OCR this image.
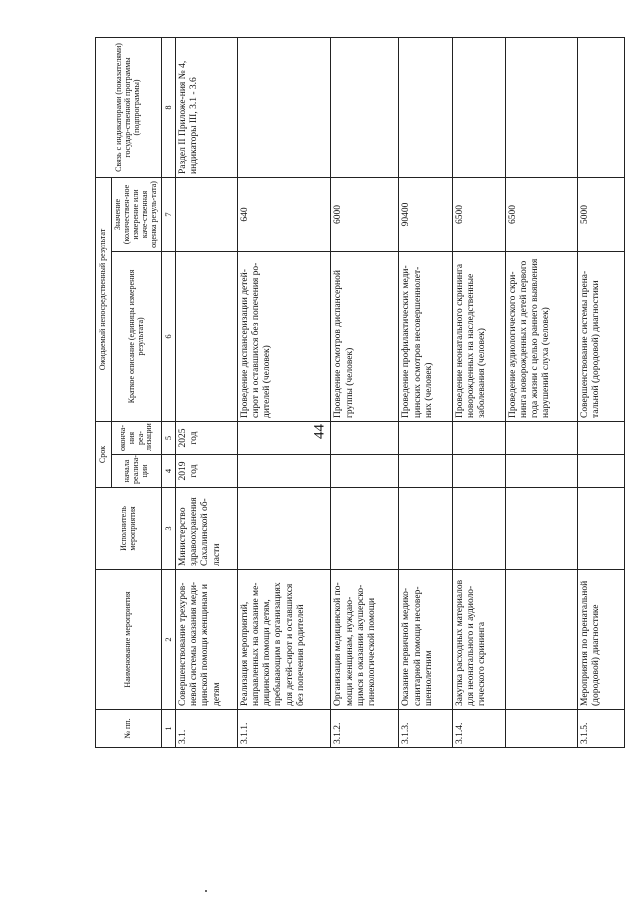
44
№ пп.	Наименование мероприятия	Исполнитель мероприятия	Срок		Ожидаемый непосредственный результат		Связь с индикаторами (показателями) государ-ственной программы (подпрограммы)
			начала реализа-ции	оконча-ния реа-лизации	Краткое описание (единицы измерения результата)	Значение (количествен-ное измерение или каче-ственная оценка резуль-тата)	

1	2	3	4	5	6	7	8
3.1.	Совершенствование трехуров-невой системы оказания меди-цинской помощи женщинам и детям	Министерство здравоохранения Сахалинской об-ласти	2019 год	2025 год			Раздел II Приложе-ния № 4, индикаторы III, 3.1 - 3.6
3.1.1.	Реализация мероприятий, направленных на оказание ме-дицинской помощи детям, пребывающим в организациях для детей-сирот и оставшихся без попечения родителей				Проведение диспансеризации детей-сирот и оставшихся без попечения ро-дителей (человек)	640	
3.1.2.	Организация медицинской по-мощи женщинам, нуждаю-щимся в оказании акушерско-гинекологической помощи				Проведение осмотров диспансерной группы (человек)	6000	
3.1.3.	Оказание первичной медико-санитарной помощи несовер-шеннолетним				Проведение профилактических меди-цинских осмотров несовершеннолет-них (человек)	90400	
3.1.4.	Закупка расходных материалов для неонатального и аудиоло-гического скрининга				Проведение неонатального скрининга новорожденных на наследственные заболевания (человек)	6500	
					Проведение аудиологического скри-нинга новорожденных и детей первого года жизни с целью раннего выявления нарушений слуха (человек)	6500	
3.1.5.	Мероприятия по пренатальной (дородовой) диагностике				Совершенствование системы прена-тальной (дородовой) диагностики	5000	
